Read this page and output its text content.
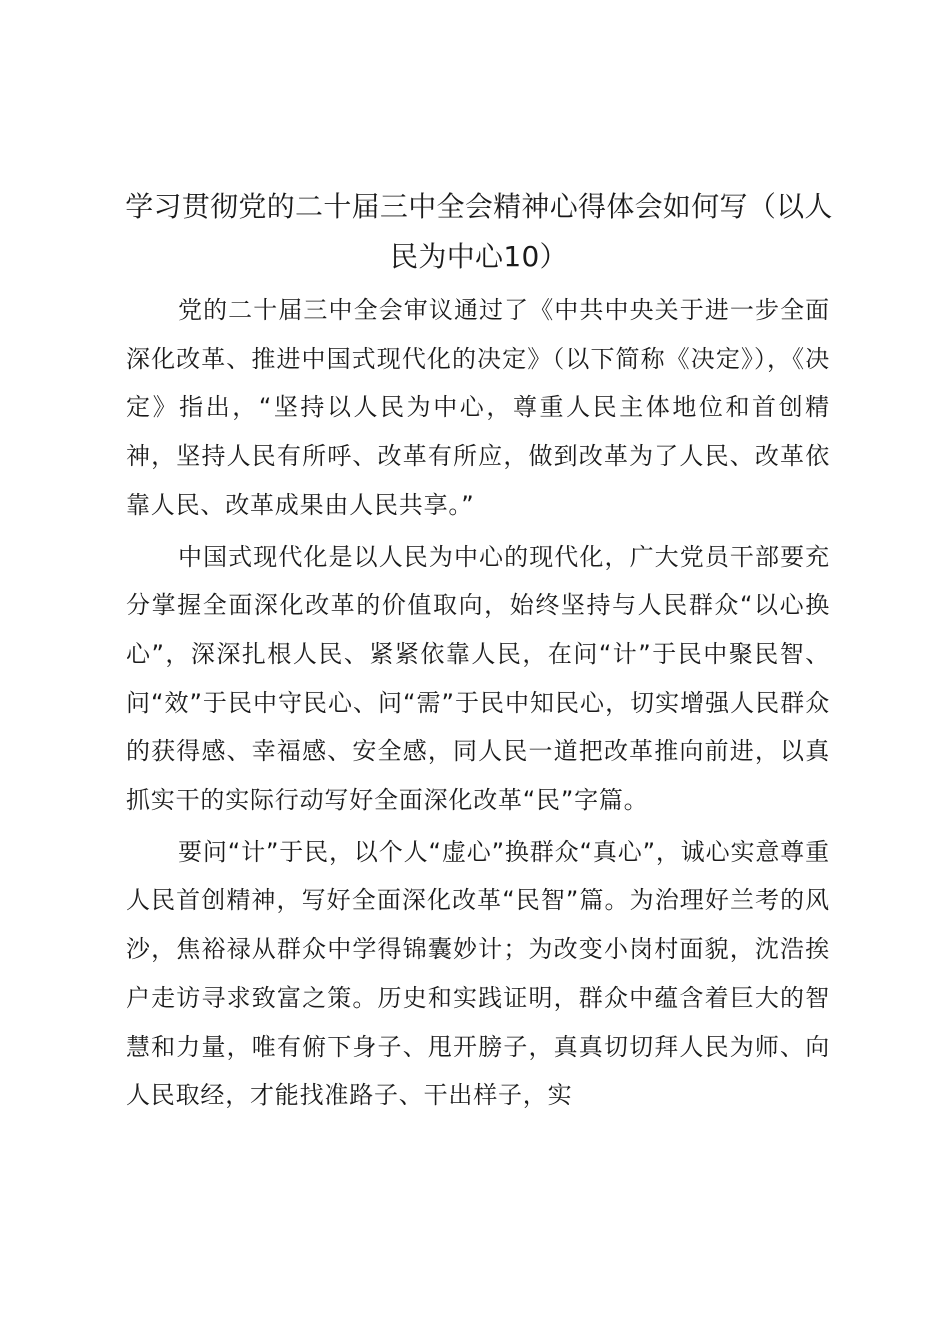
学习贯彻党的二十届三中全会精神心得体会如何写（以人民为中心10）

党的二十届三中全会审议通过了《中共中央关于进一步全面深化改革、推进中国式现代化的决定》（以下简称《决定》），《决定》指出，“坚持以人民为中心，尊重人民主体地位和首创精神，坚持人民有所呼、改革有所应，做到改革为了人民、改革依靠人民、改革成果由人民共享。”

中国式现代化是以人民为中心的现代化，广大党员干部要充分掌握全面深化改革的价值取向，始终坚持与人民群众“以心换心”，深深扎根人民、紧紧依靠人民，在问“计”于民中聚民智、问“效”于民中守民心、问“需”于民中知民心，切实增强人民群众的获得感、幸福感、安全感，同人民一道把改革推向前进，以真抓实干的实际行动写好全面深化改革“民”字篇。

要问“计”于民，以个人“虚心”换群众“真心”，诚心实意尊重人民首创精神，写好全面深化改革“民智”篇。为治理好兰考的风沙，焦裕禄从群众中学得锦囊妙计；为改变小岗村面貌，沈浩挨户走访寻求致富之策。历史和实践证明，群众中蕴含着巨大的智慧和力量，唯有俯下身子、甩开膀子，真真切切拜人民为师、向人民取经，才能找准路子、干出样子，实
